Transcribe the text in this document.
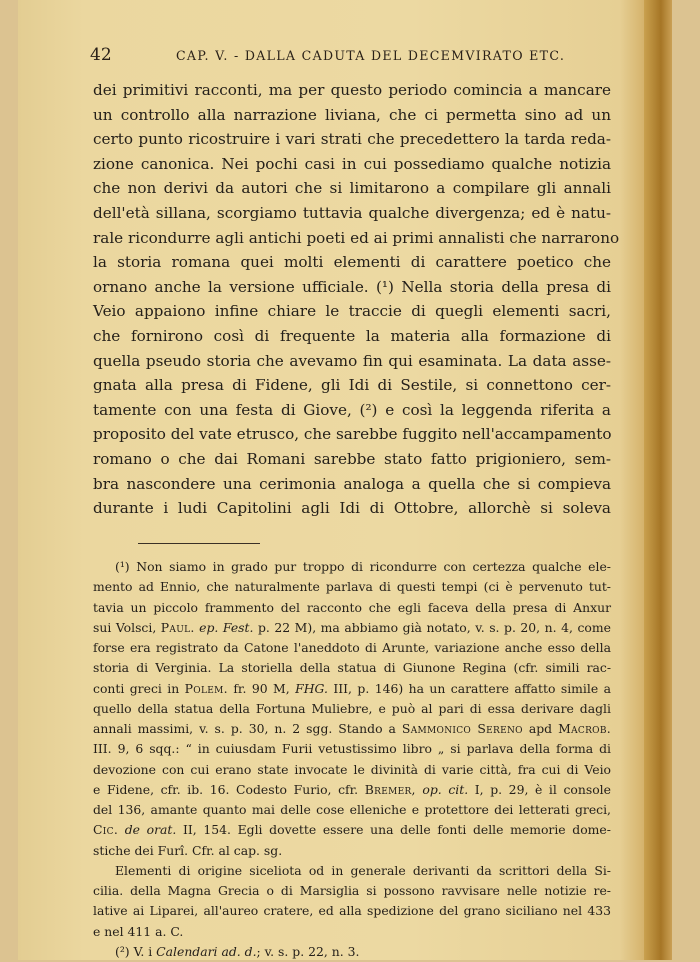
42	CAP. V. - DALLA CADUTA DEL DECEMVIRATO ETC.
dei primitivi racconti, ma per questo periodo comincia a mancare
un controllo alla narrazione liviana, che ci permetta sino ad un
certo punto ricostruire i vari strati che precedettero la tarda reda-
zione canonica. Nei pochi casi in cui possediamo qualche notizia
che non derivi da autori che si limitarono a compilare gli annali
dell'età sillana, scorgiamo tuttavia qualche divergenza; ed è natu-
rale ricondurre agli antichi poeti ed ai primi annalisti che narrarono
la storia romana quei molti elementi di carattere poetico che
ornano anche la versione ufficiale. (¹) Nella storia della presa di
Veio appaiono infine chiare le traccie di quegli elementi sacri,
che fornirono così di frequente la materia alla formazione di
quella pseudo storia che avevamo fin qui esaminata. La data asse-
gnata alla presa di Fidene, gli Idi di Sestile, si connettono cer-
tamente con una festa di Giove, (²) e così la leggenda riferita a
proposito del vate etrusco, che sarebbe fuggito nell'accampamento
romano o che dai Romani sarebbe stato fatto prigioniero, sem-
bra nascondere una cerimonia analoga a quella che si compieva
durante i ludi Capitolini agli Idi di Ottobre, allorchè si soleva
(¹) Non siamo in grado pur troppo di ricondurre con certezza qualche ele-
mento ad Ennio, che naturalmente parlava di questi tempi (ci è pervenuto tut-
tavia un piccolo frammento del racconto che egli faceva della presa di Anxur
sui Volsci, Paul. ep. Fest. p. 22 M), ma abbiamo già notato, v. s. p. 20, n. 4, come
forse era registrato da Catone l'aneddoto di Arunte, variazione anche esso della
storia di Verginia. La storiella della statua di Giunone Regina (cfr. simili rac-
conti greci in Polem. fr. 90 M, FHG. III, p. 146) ha un carattere affatto simile a
quello della statua della Fortuna Muliebre, e può al pari di essa derivare dagli
annali massimi, v. s. p. 30, n. 2 sgg. Stando a Sammonico Sereno apd Macrob.
III. 9, 6 sqq.: “ in cuiusdam Furii vetustissimo libro „ si parlava della forma di
devozione con cui erano state invocate le divinità di varie città, fra cui di Veio
e Fidene, cfr. ib. 16. Codesto Furio, cfr. Bremer, op. cit. I, p. 29, è il console
del 136, amante quanto mai delle cose elleniche e protettore dei letterati greci,
Cic. de orat. II, 154. Egli dovette essere una delle fonti delle memorie dome-
stiche dei Furî. Cfr. al cap. sg.
Elementi di origine siceliota od in generale derivanti da scrittori della Si-
cilia. della Magna Grecia o di Marsiglia si possono ravvisare nelle notizie re-
lative ai Liparei, all'aureo cratere, ed alla spedizione del grano siciliano nel 433
e nel 411 a. C.
(²) V. i Calendari ad. d.; v. s. p. 22, n. 3.
